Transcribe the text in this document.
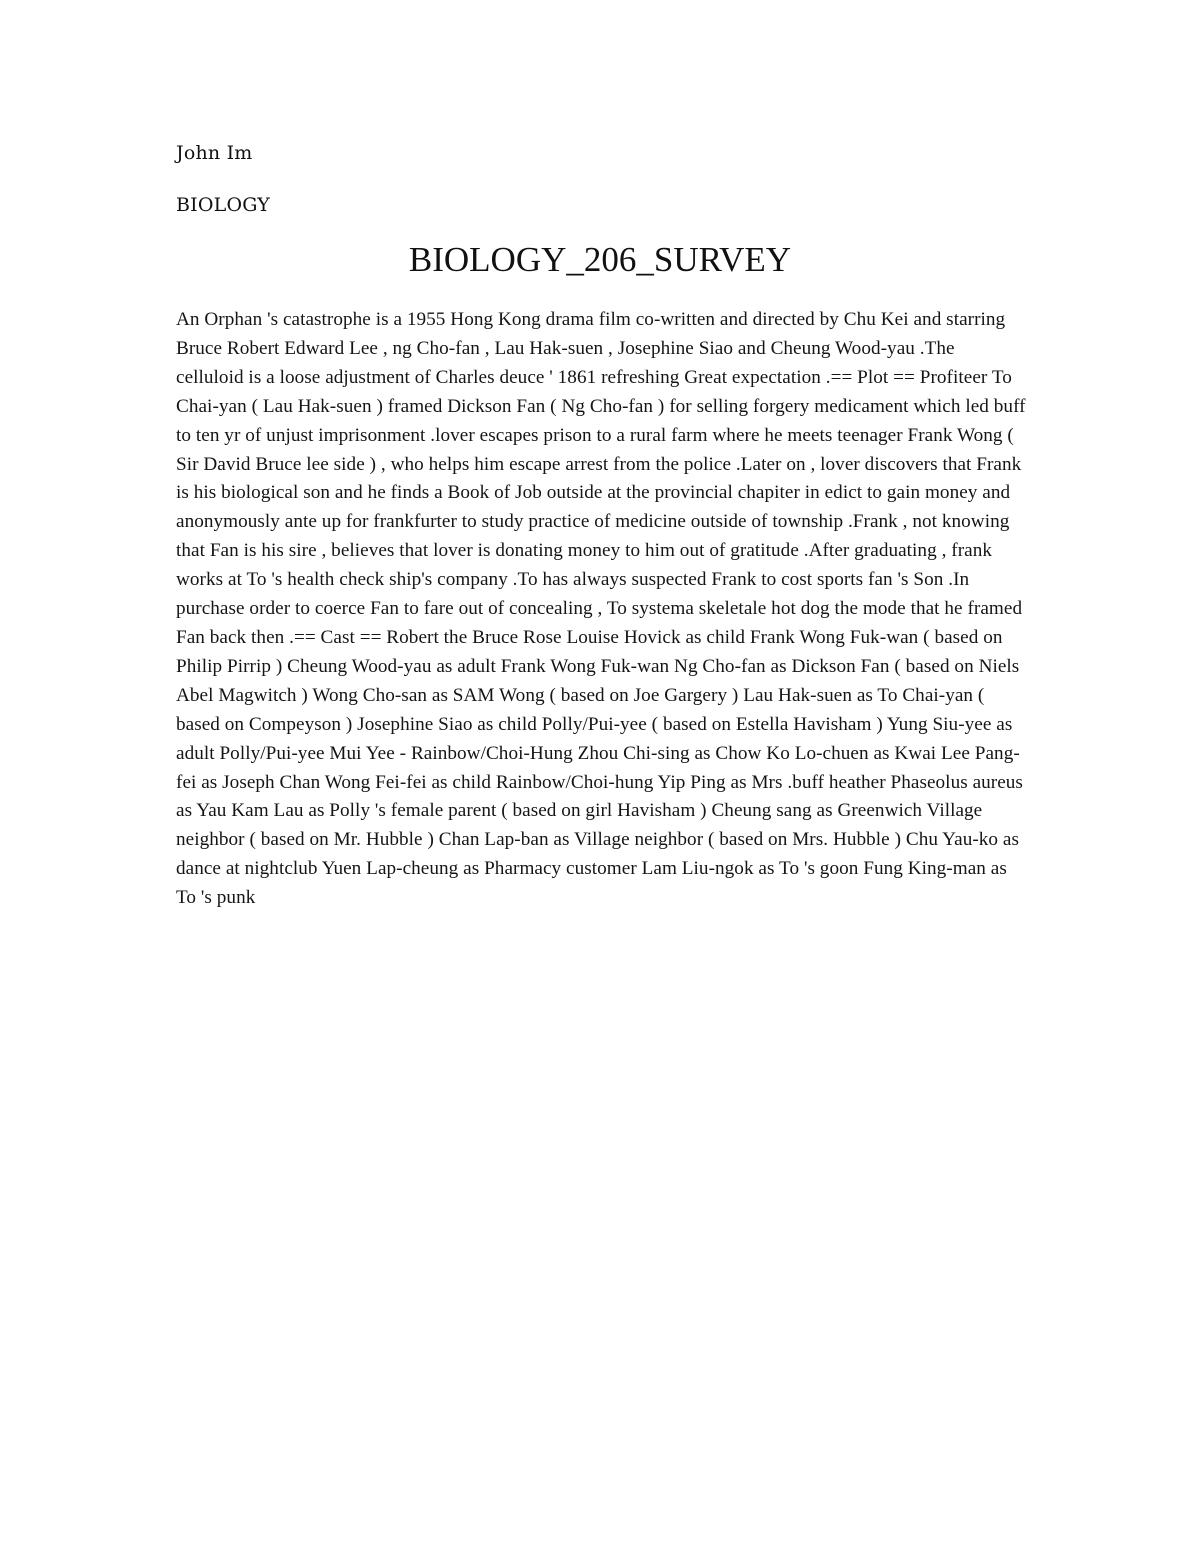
John Im
BIOLOGY
BIOLOGY_206_SURVEY

An Orphan 's catastrophe is a 1955 Hong Kong drama film co-written and directed by Chu Kei and starring Bruce Robert Edward Lee , ng Cho-fan , Lau Hak-suen , Josephine Siao and Cheung Wood-yau .The celluloid is a loose adjustment of Charles deuce ' 1861 refreshing Great expectation .== Plot == Profiteer To Chai-yan ( Lau Hak-suen ) framed Dickson Fan ( Ng Cho-fan ) for selling forgery medicament which led buff to ten yr of unjust imprisonment .lover escapes prison to a rural farm where he meets teenager Frank Wong ( Sir David Bruce lee side ) , who helps him escape arrest from the police .Later on , lover discovers that Frank is his biological son and he finds a Book of Job outside at the provincial chapiter in edict to gain money and anonymously ante up for frankfurter to study practice of medicine outside of township .Frank , not knowing that Fan is his sire , believes that lover is donating money to him out of gratitude .After graduating , frank works at To 's health check ship's company .To has always suspected Frank to cost sports fan 's Son .In purchase order to coerce Fan to fare out of concealing , To systema skeletale hot dog the mode that he framed Fan back then .== Cast == Robert the Bruce Rose Louise Hovick as child Frank Wong Fuk-wan ( based on Philip Pirrip ) Cheung Wood-yau as adult Frank Wong Fuk-wan Ng Cho-fan as Dickson Fan ( based on Niels Abel Magwitch ) Wong Cho-san as SAM Wong ( based on Joe Gargery ) Lau Hak-suen as To Chai-yan ( based on Compeyson ) Josephine Siao as child Polly/Pui-yee ( based on Estella Havisham ) Yung Siu-yee as adult Polly/Pui-yee Mui Yee - Rainbow/Choi-Hung Zhou Chi-sing as Chow Ko Lo-chuen as Kwai Lee Pang-fei as Joseph Chan Wong Fei-fei as child Rainbow/Choi-hung Yip Ping as Mrs .buff heather Phaseolus aureus as Yau Kam Lau as Polly 's female parent ( based on girl Havisham ) Cheung sang as Greenwich Village neighbor ( based on Mr. Hubble ) Chan Lap-ban as Village neighbor ( based on Mrs. Hubble ) Chu Yau-ko as dance at nightclub Yuen Lap-cheung as Pharmacy customer Lam Liu-ngok as To 's goon Fung King-man as To 's punk
